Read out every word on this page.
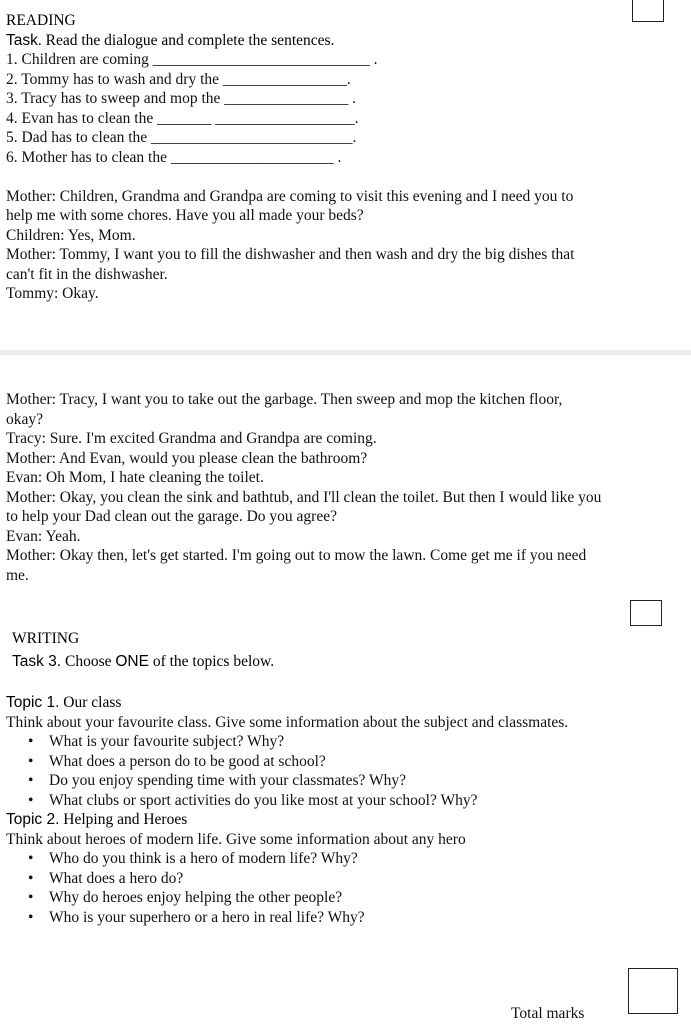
READING
Task. Read the dialogue and complete the sentences.
1. Children are coming ____________________________ .
2. Tommy has to wash and dry the ________________.
3. Tracy has to sweep and mop the ________________ .
4. Evan has to clean the _______ __________________.
5. Dad has to clean the __________________________.
6. Mother has to clean the _____________________ .
Mother: Children, Grandma and Grandpa are coming to visit this evening and I need you to
help me with some chores. Have you all made your beds?
Children: Yes, Mom.
Mother: Tommy, I want you to fill the dishwasher and then wash and dry the big dishes that
can't fit in the dishwasher.
Tommy: Okay.
Mother: Tracy, I want you to take out the garbage. Then sweep and mop the kitchen floor,
okay?
Tracy: Sure. I'm excited Grandma and Grandpa are coming.
Mother: And Evan, would you please clean the bathroom?
Evan: Oh Mom, I hate cleaning the toilet.
Mother: Okay, you clean the sink and bathtub, and I'll clean the toilet. But then I would like you
to help your Dad clean out the garage. Do you agree?
Evan: Yeah.
Mother: Okay then, let's get started. I'm going out to mow the lawn. Come get me if you need
me.
WRITING
Task 3. Choose ONE of the topics below.
Topic 1. Our class
Think about your favourite class. Give some information about the subject and classmates.
• What is your favourite subject? Why?
• What does a person do to be good at school?
• Do you enjoy spending time with your classmates? Why?
• What clubs or sport activities do you like most at your school? Why?
Topic 2. Helping and Heroes
Think about heroes of modern life. Give some information about any hero
• Who do you think is a hero of modern life? Why?
• What does a hero do?
• Why do heroes enjoy helping the other people?
• Who is your superhero or a hero in real life? Why?
Total marks
